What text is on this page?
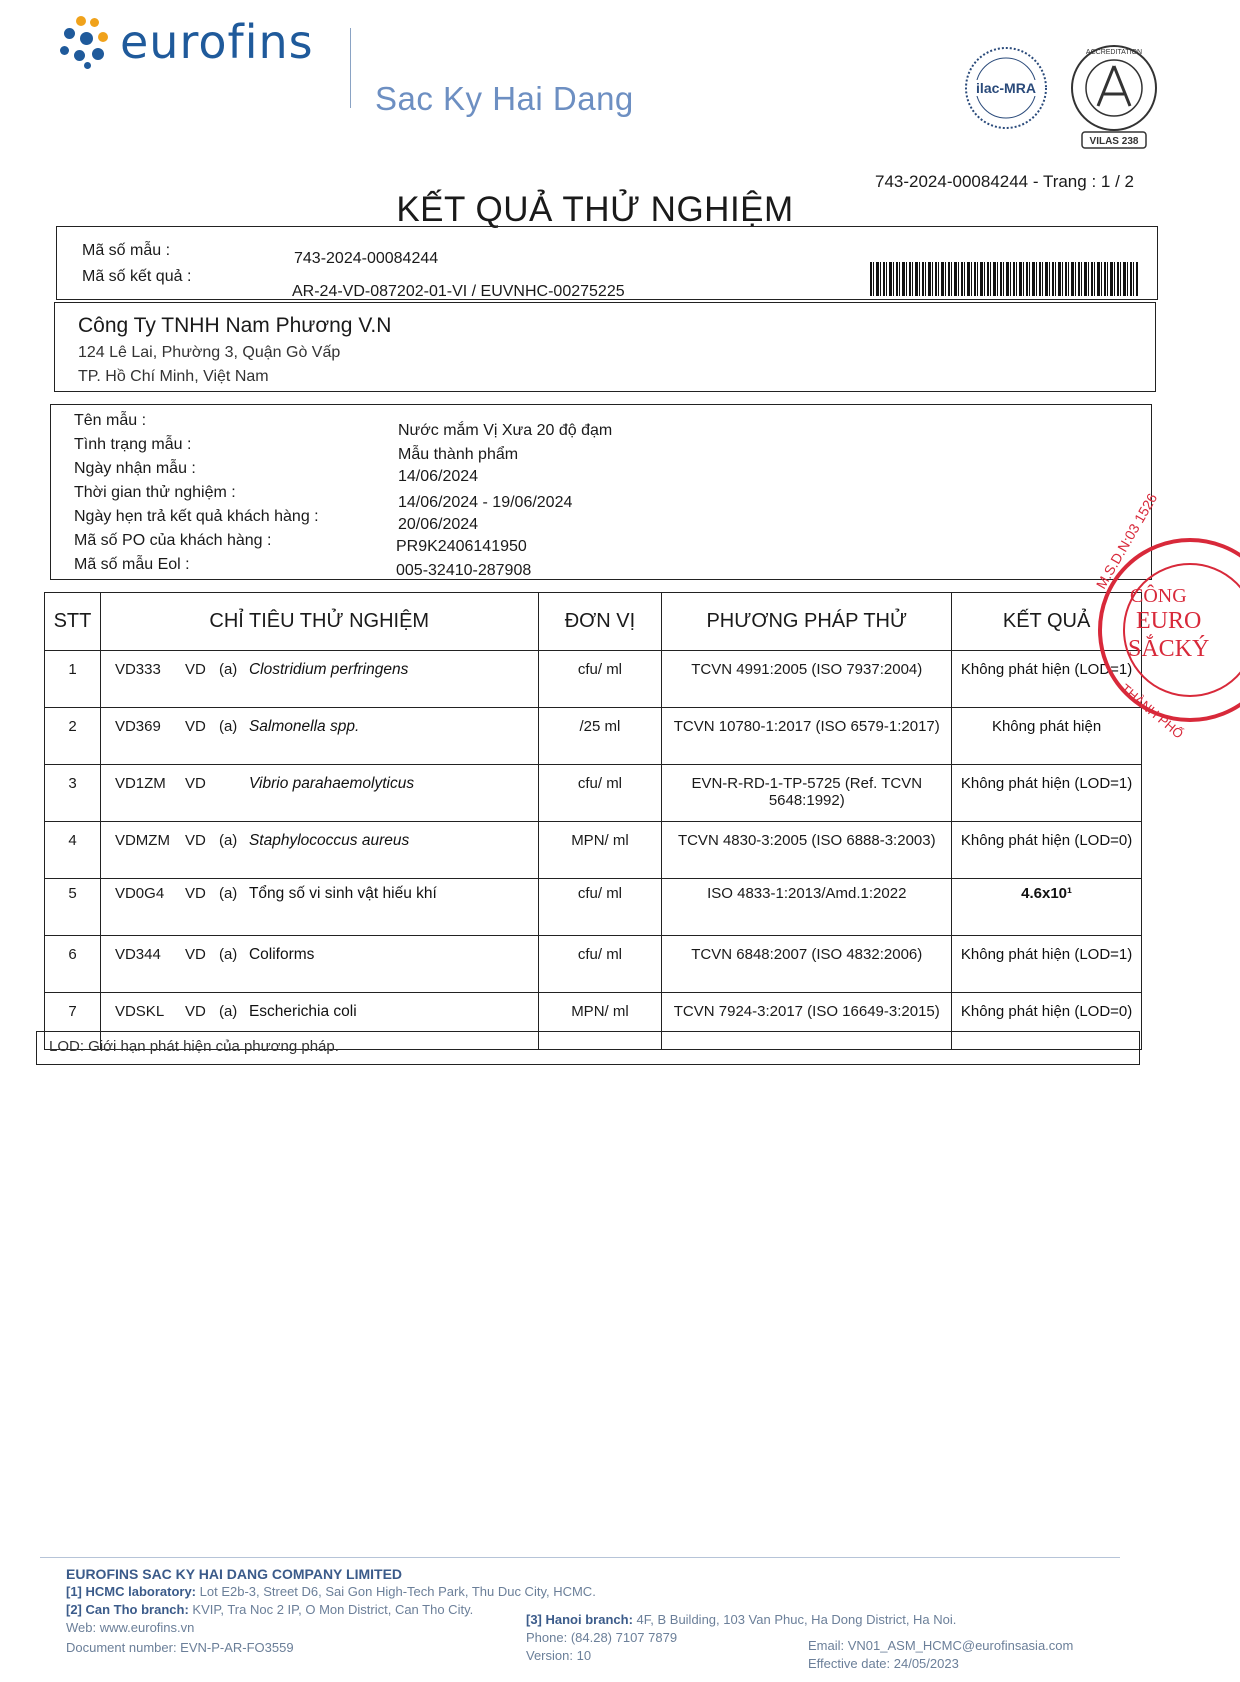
eurofins
Sac Ky Hai Dang	ilac-MRA
ACCREDITATION
VILAS 238
743-2024-00084244 - Trang : 1 / 2
KẾT QUẢ THỬ NGHIỆM
Mã số mẫu :	743-2024-00084244
Mã số kết quả :
AR-24-VD-087202-01-VI / EUVNHC-00275225
Công Ty TNHH Nam Phương V.N
124 Lê Lai, Phường 3, Quận Gò Vấp
TP. Hồ Chí Minh, Việt Nam
Tên mẫu :
Nước mắm Vị Xưa 20 độ đạm
Tình trạng mẫu :
Mẫu thành phẩm
Ngày nhận mẫu :	14/06/2024
Thời gian thử nghiệm :
14/06/2024 - 19/06/2024
Ngày hẹn trả kết quả khách hàng :	20/06/2024
Mã số PO của khách hàng :	PR9K2406141950
Mã số mẫu Eol :	005-32410-287908
STT	CHỈ TIÊU THỬ NGHIỆM	ĐƠN VỊ	PHƯƠNG PHÁP THỬ	KẾT QUẢ
1	VD333 VD (a) Clostridium perfringens	cfu/ ml	TCVN 4991:2005 (ISO 7937:2004)	Không phát hiện (LOD=1)
2	VD369 VD (a) Salmonella spp.	/25 ml	TCVN 10780-1:2017 (ISO 6579-1:2017)	Không phát hiện
3	VD1ZM VD Vibrio parahaemolyticus	cfu/ ml	EVN-R-RD-1-TP-5725 (Ref. TCVN 5648:1992)	Không phát hiện (LOD=1)
4	VDMZM VD (a) Staphylococcus aureus	MPN/ ml	TCVN 4830-3:2005 (ISO 6888-3:2003)	Không phát hiện (LOD=0)
5	VD0G4 VD (a) Tổng số vi sinh vật hiếu khí	cfu/ ml	ISO 4833-1:2013/Amd.1:2022	4.6x10¹
6	VD344 VD (a) Coliforms	cfu/ ml	TCVN 6848:2007 (ISO 4832:2006)	Không phát hiện (LOD=1)
7	VDSKL VD (a) Escherichia coli	MPN/ ml	TCVN 7924-3:2017 (ISO 16649-3:2015)	Không phát hiện (LOD=0)
LOD: Giới hạn phát hiện của phương pháp.
M.S.D.N:03 1526
CÔNG
EURO
SẮCKÝ
THÀNH PHỐ
EUROFINS SAC KY HAI DANG COMPANY LIMITED
[1] HCMC laboratory: Lot E2b-3, Street D6, Sai Gon High-Tech Park, Thu Duc City, HCMC.
[2] Can Tho branch: KVIP, Tra Noc 2 IP, O Mon District, Can Tho City.
Web: www.eurofins.vn
Document number: EVN-P-AR-FO3559
[3] Hanoi branch: 4F, B Building, 103 Van Phuc, Ha Dong District, Ha Noi.
Phone: (84.28) 7107 7879
Version: 10
Email: VN01_ASM_HCMC@eurofinsasia.com
Effective date: 24/05/2023
